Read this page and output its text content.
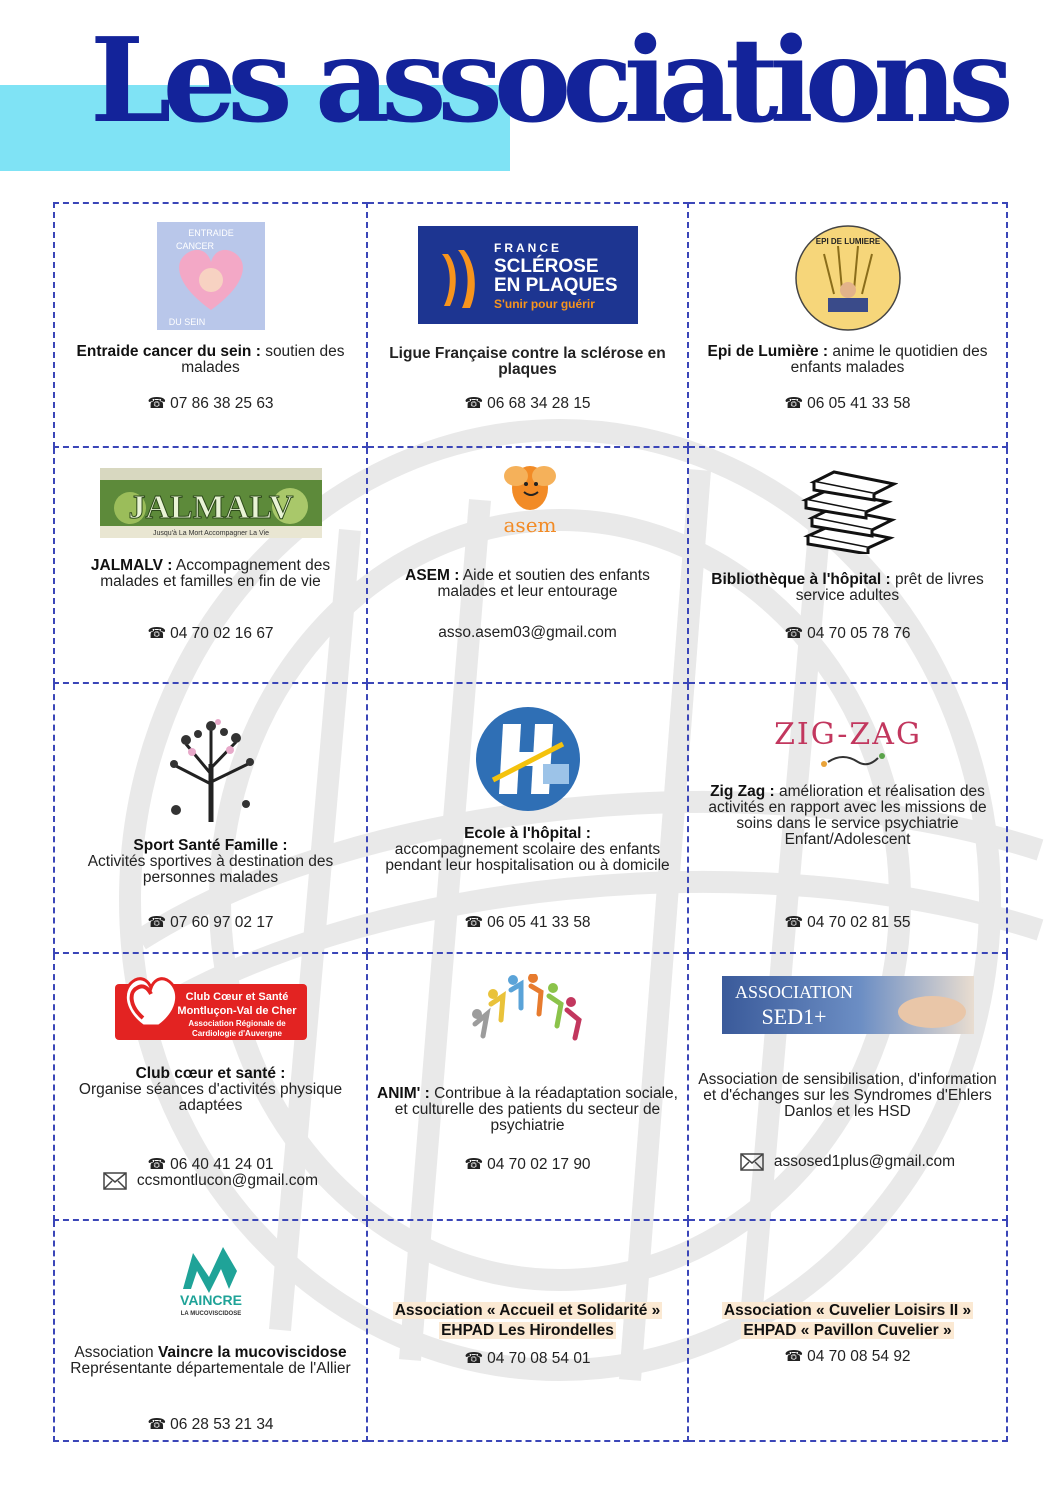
Les associations
ENTRAIDE
CANCER
DU SEIN

Entraide cancer du sein : soutien des malades

☎ 07 86 38 25 63

FRANCE
SCLÉROSE
EN PLAQUES
S'unir pour guérir

Ligue Française contre la sclérose en plaques

☎ 06 68 34 28 15

EPI DE LUMIERE

Epi de Lumière : anime le quotidien des enfants malades

☎ 06 05 41 33 58

JALMALV
Jusqu'à La Mort Accompagner La Vie

JALMALV : Accompagnement des malades et familles en fin de vie

☎ 04 70 02 16 67

asem

ASEM : Aide et soutien des enfants malades et leur entourage

asso.asem03@gmail.com

Bibliothèque à l'hôpital : prêt de livres service adultes

☎ 04 70 05 78 76

Sport Santé Famille :
Activités sportives à destination des personnes malades

☎ 07 60 97 02 17

Ecole à l'hôpital :
accompagnement scolaire des enfants pendant leur hospitalisation ou à domicile

☎ 06 05 41 33 58

ZIG-ZAG

Zig Zag : amélioration et réalisation des activités en rapport avec les missions de soins dans le service psychiatrie Enfant/Adolescent

☎ 04 70 02 81 55

Club Cœur et Santé
Montluçon-Val de Cher
Association Régionale de
Cardiologie d'Auvergne

Club cœur et santé :
Organise séances d'activités physique adaptées

☎ 06 40 41 24 01

ccsmontlucon@gmail.com

ANIM' : Contribue à la réadaptation sociale, et culturelle des patients du secteur de psychiatrie

☎ 04 70 02 17 90

ASSOCIATION
SED1+

Association de sensibilisation, d'information et d'échanges sur les Syndromes d'Ehlers Danlos et les HSD

assosed1plus@gmail.com
VAINCRE
LA MUCOVISCIDOSE

Association Vaincre la mucoviscidose
Représentante départementale de l'Allier

☎ 06 28 53 21 34

Association « Accueil et Solidarité »
EHPAD Les Hirondelles

☎ 04 70 08 54 01

Association « Cuvelier Loisirs II »
EHPAD « Pavillon Cuvelier »

☎ 04 70 08 54 92
